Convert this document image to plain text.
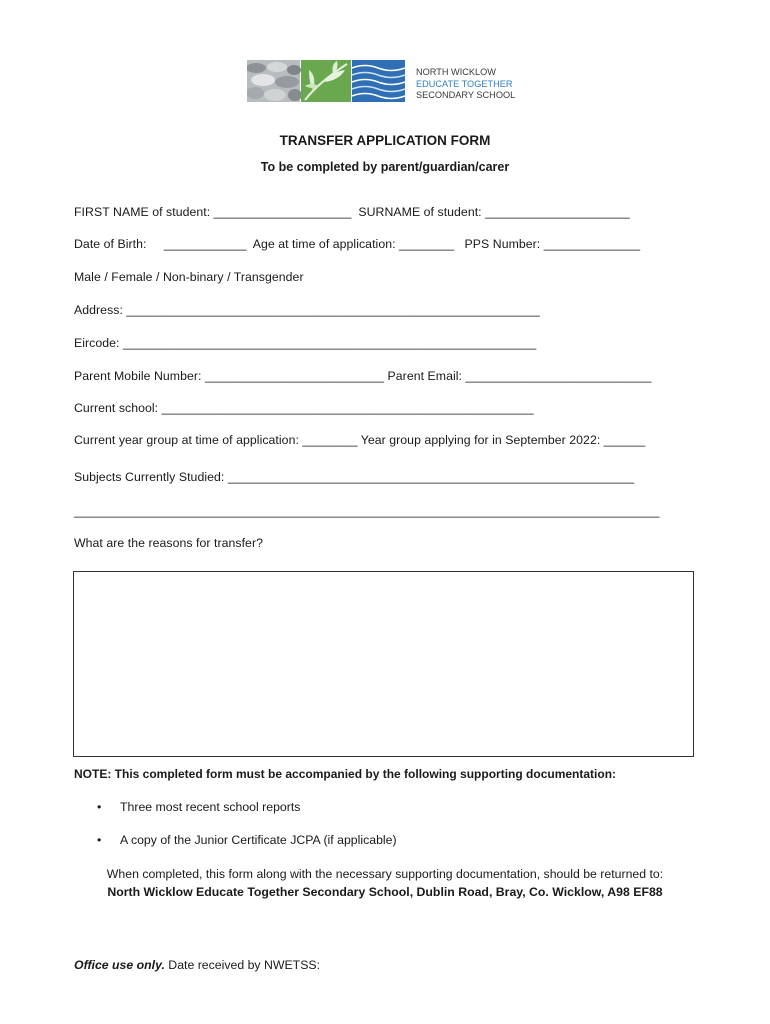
NORTH WICKLOW
EDUCATE TOGETHER
SECONDARY SCHOOL
TRANSFER APPLICATION FORM
To be completed by parent/guardian/carer
FIRST NAME of student: ____________________  SURNAME of student: _____________________
Date of Birth:     ____________  Age at time of application: ________   PPS Number: ______________
Male / Female / Non-binary / Transgender
Address: ____________________________________________________________
Eircode: ____________________________________________________________
Parent Mobile Number: __________________________ Parent Email: ___________________________
Current school: ______________________________________________________
Current year group at time of application: ________ Year group applying for in September 2022: ______
Subjects Currently Studied: ___________________________________________________________
_____________________________________________________________________________________
What are the reasons for transfer?
NOTE: This completed form must be accompanied by the following supporting documentation:
• Three most recent school reports
• A copy of the Junior Certificate JCPA (if applicable)
When completed, this form along with the necessary supporting documentation, should be returned to:
North Wicklow Educate Together Secondary School, Dublin Road, Bray, Co. Wicklow, A98 EF88
Office use only. Date received by NWETSS:
